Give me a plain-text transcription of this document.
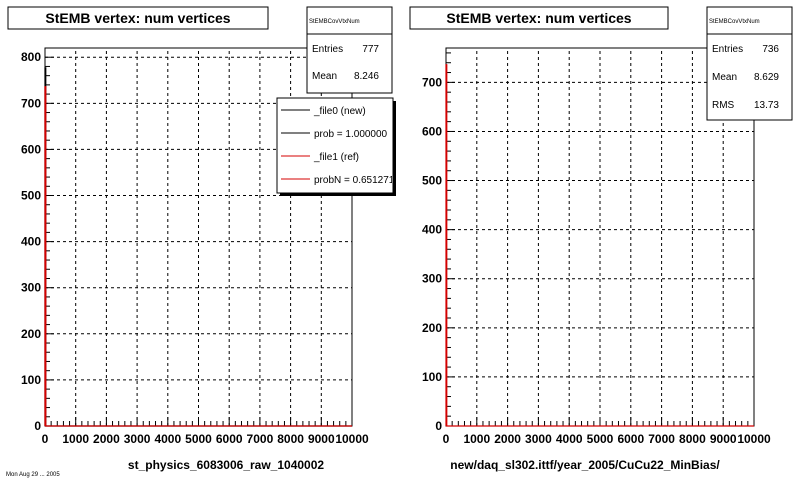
0
100
200
300
400
500
600
700
800
0 1000 2000 3000 4000 5000 6000 7000 8000 9000 10000
StEMB vertex: num vertices	StEMBCovVtxNum
Entries 777
Mean 8.246
_file0 (new)
prob = 1.000000
_file1 (ref)
probN = 0.651271
st_physics_6083006_raw_1040002
Mon Aug 29 ... 2005
0
100
200
300
400
500
600
700
0 1000 2000 3000 4000 5000 6000 7000 8000 9000 10000
StEMB vertex: num vertices	StEMBCovVtxNum
Entries 736
Mean 8.629
RMS 13.73
new/daq_sl302.ittf/year_2005/CuCu22_MinBias/
